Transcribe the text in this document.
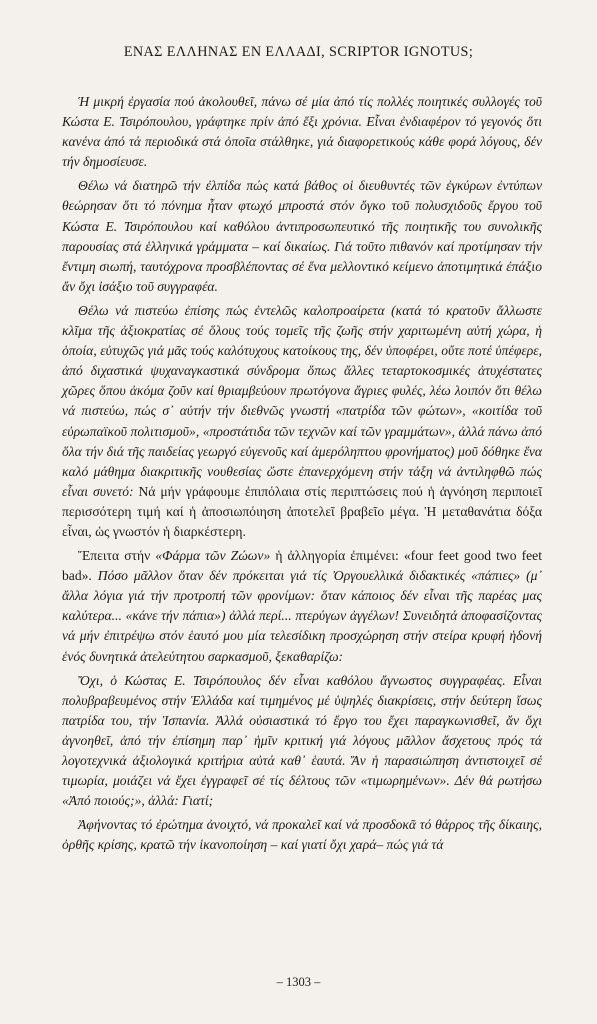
ΕΝΑΣ ΕΛΛΗΝΑΣ ΕΝ ΕΛΛΑΔΙ, SCRIPTOR IGNOTUS;

Ἡ μικρή ἐργασία πού ἀκολουθεῖ, πάνω σέ μία ἀπό τίς πολλές ποιητικές συλλογές τοῦ Κώστα Ε. Τσιρόπουλου, γράφτηκε πρίν ἀπό ἕξι χρόνια. Εἶναι ἐνδιαφέρον τό γεγονός ὅτι κανένα ἀπό τά περιοδικά στά ὁποῖα στάλθηκε, γιά διαφορετικούς κάθε φορά λόγους, δέν τήν δημοσίευσε.

Θέλω νά διατηρῶ τήν ἐλπίδα πώς κατά βάθος οἱ διευθυντές τῶν ἐγκύρων ἐντύπων θεώρησαν ὅτι τό πόνημα ἦταν φτωχό μπροστά στόν ὄγκο τοῦ πολυσχιδοῦς ἔργου τοῦ Κώστα Ε. Τσιρόπουλου καί καθόλου ἀντιπροσωπευτικό τῆς ποιητικῆς του συνολικῆς παρουσίας στά ἑλληνικά γράμματα – καί δικαίως. Γιά τοῦτο πιθανόν καί προτίμησαν τήν ἔντιμη σιωπή, ταυτόχρονα προσβλέποντας σέ ἕνα μελλοντικό κείμενο ἀποτιμητικά ἐπάξιο ἄν ὄχι ἰσάξιο τοῦ συγγραφέα.

Θέλω νά πιστεύω ἐπίσης πώς ἐντελῶς καλοπροαίρετα (κατά τό κρατοῦν ἄλλωστε κλῖμα τῆς ἀξιοκρατίας σέ ὅλους τούς τομεῖς τῆς ζωῆς στήν χαριτωμένη αὐτή χώρα, ἡ ὁποία, εὐτυχῶς γιά μᾶς τούς καλότυχους κατοίκους της, δέν ὑποφέρει, οὔτε ποτέ ὑπέφερε, ἀπό διχαστικά ψυχαναγκαστικά σύνδρομα ὅπως ἄλλες τεταρτοκοσμικές ἀτυχέστατες χῶρες ὅπου ἀκόμα ζοῦν καί θριαμβεύουν πρωτόγονα ἄγριες φυλές, λέω λοιπόν ὅτι θέλω νά πιστεύω, πώς σ᾽ αὐτήν τήν διεθνῶς γνωστή «πατρίδα τῶν φώτων», «κοιτίδα τοῦ εὐρωπαϊκοῦ πολιτισμοῦ», «προστάτιδα τῶν τεχνῶν καί τῶν γραμμάτων», ἀλλά πάνω ἀπό ὅλα τήν διά τῆς παιδείας γεωργό εὐγενοῦς καί ἀμερόληπτου φρονήματος) μοῦ δόθηκε ἕνα καλό μάθημα διακριτικῆς νουθεσίας ὥστε ἐπανερχόμενη στήν τάξη νά ἀντιληφθῶ πώς εἶναι συνετό: Νά μήν γράφουμε ἐπιπόλαια στίς περιπτώσεις πού ἡ ἀγνόηση περιποιεῖ περισσότερη τιμή καί ἡ ἀποσιωπόιηση ἀποτελεῖ βραβεῖο μέγα. Ἡ μεταθανάτια δόξα εἶναι, ὡς γνωστόν ἡ διαρκέστερη.

Ἔπειτα στήν «Φάρμα τῶν Ζώων» ἡ ἀλληγορία ἐπιμένει: «four feet good two feet bad». Πόσο μᾶλλον ὅταν δέν πρόκειται γιά τίς Ὀργουελλικά διδακτικές «πάπιες» (μ᾽ ἄλλα λόγια γιά τήν προτροπή τῶν φρονίμων: ὅταν κάποιος δέν εἶναι τῆς παρέας μας καλύτερα... «κάνε τήν πάπια») ἀλλά περί... πτερύγων ἀγγέλων! Συνειδητά ἀποφασίζοντας νά μήν ἐπιτρέψω στόν ἑαυτό μου μία τελεσίδικη προσχώρηση στήν στείρα κρυφή ἡδονή ἑνός δυνητικά ἀτελεύτητου σαρκασμοῦ, ξεκαθαρίζω:

Ὄχι, ὁ Κώστας Ε. Τσιρόπουλος δέν εἶναι καθόλου ἄγνωστος συγγραφέας. Εἶναι πολυβραβευμένος στήν Ἑλλάδα καί τιμημένος μέ ὑψηλές διακρίσεις, στήν δεύτερη ἴσως πατρίδα του, τήν Ἱσπανία. Ἀλλά οὐσιαστικά τό ἔργο του ἔχει παραγκωνισθεῖ, ἄν ὄχι ἀγνοηθεῖ, ἀπό τήν ἐπίσημη παρ᾽ ἡμῖν κριτική γιά λόγους μᾶλλον ἄσχετους πρός τά λογοτεχνικά ἀξιολογικά κριτήρια αὐτά καθ᾽ ἑαυτά. Ἄν ἡ παρασιώπηση ἀντιστοιχεῖ σέ τιμωρία, μοιάζει νά ἔχει ἐγγραφεῖ σέ τίς δέλτους τῶν «τιμωρημένων». Δέν θά ρωτήσω «Ἀπό ποιούς;», ἀλλά: Γιατί;

Ἀφήνοντας τό ἐρώτημα ἀνοιχτό, νά προκαλεῖ καί νά προσδοκᾶ τό θάρρος τῆς δίκαιης, ὀρθῆς κρίσης, κρατῶ τήν ἱκανοποίηση – καί γιατί ὄχι χαρά– πώς γιά τά

– 1303 –
